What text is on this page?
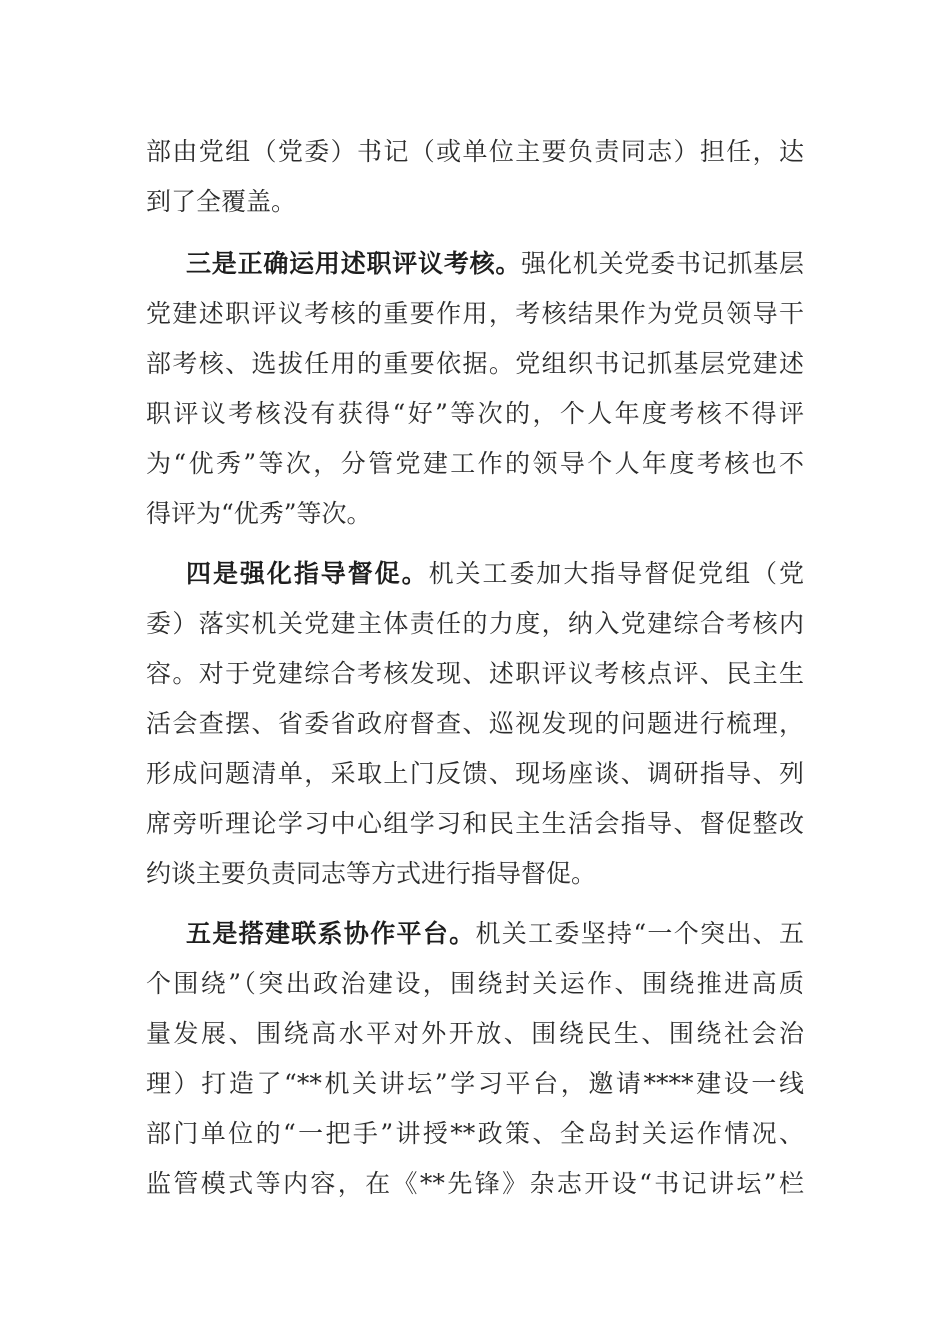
部由党组（党委）书记（或单位主要负责同志）担任，达
到了全覆盖。
三是正确运用述职评议考核。强化机关党委书记抓基层
党建述职评议考核的重要作用，考核结果作为党员领导干
部考核、选拔任用的重要依据。党组织书记抓基层党建述
职评议考核没有获得“好”等次的，个人年度考核不得评
为“优秀”等次，分管党建工作的领导个人年度考核也不
得评为“优秀”等次。
四是强化指导督促。机关工委加大指导督促党组（党
委）落实机关党建主体责任的力度，纳入党建综合考核内
容。对于党建综合考核发现、述职评议考核点评、民主生
活会查摆、省委省政府督查、巡视发现的问题进行梳理，
形成问题清单，采取上门反馈、现场座谈、调研指导、列
席旁听理论学习中心组学习和民主生活会指导、督促整改
约谈主要负责同志等方式进行指导督促。
五是搭建联系协作平台。机关工委坚持“一个突出、五
个围绕”（突出政治建设，围绕封关运作、围绕推进高质
量发展、围绕高水平对外开放、围绕民生、围绕社会治
理）打造了“**机关讲坛”学习平台，邀请****建设一线
部门单位的“一把手”讲授**政策、全岛封关运作情况、
监管模式等内容，在《**先锋》杂志开设“书记讲坛”栏
